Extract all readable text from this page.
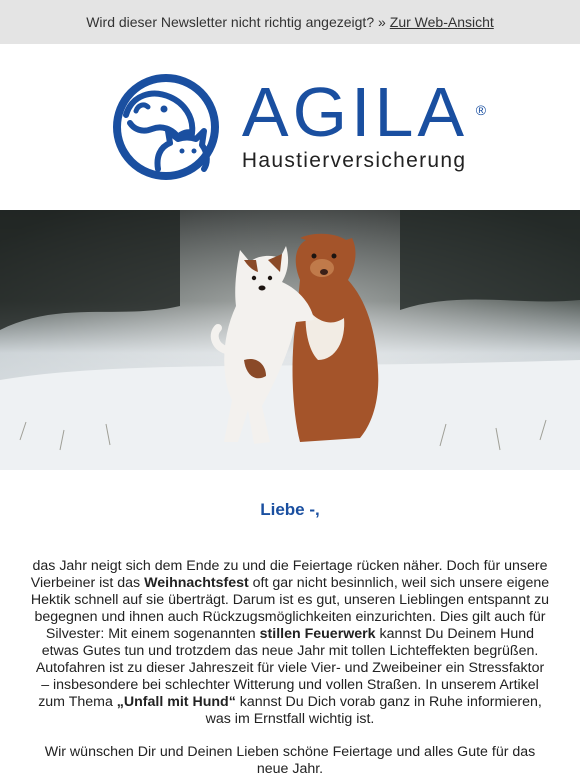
Wird dieser Newsletter nicht richtig angezeigt? » Zur Web-Ansicht
AGILA ®
Haustierversicherung
Liebe -,

das Jahr neigt sich dem Ende zu und die Feiertage rücken näher. Doch für unsere Vierbeiner ist das Weihnachtsfest oft gar nicht besinnlich, weil sich unsere eigene Hektik schnell auf sie überträgt. Darum ist es gut, unseren Lieblingen entspannt zu begegnen und ihnen auch Rückzugsmöglichkeiten einzurichten. Dies gilt auch für Silvester: Mit einem sogenannten stillen Feuerwerk kannst Du Deinem Hund etwas Gutes tun und trotzdem das neue Jahr mit tollen Lichteffekten begrüßen. Autofahren ist zu dieser Jahreszeit für viele Vier- und Zweibeiner ein Stressfaktor – insbesondere bei schlechter Witterung und vollen Straßen. In unserem Artikel zum Thema „Unfall mit Hund“ kannst Du Dich vorab ganz in Ruhe informieren, was im Ernstfall wichtig ist.

Wir wünschen Dir und Deinen Lieben schöne Feiertage und alles Gute für das neue Jahr.
